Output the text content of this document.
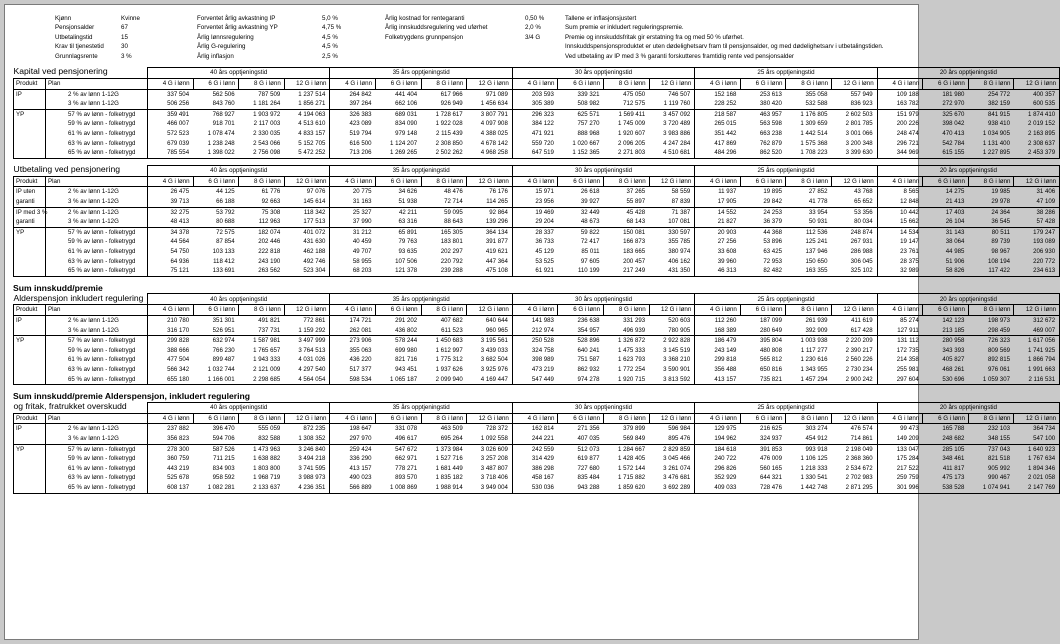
Kjønn	Kvinne
Pensjonsalder	67
Utbetalingstid	15
Krav til tjenestetid	30
Grunnlagsrente	3 %
Forventet årlig avkastning IP	5,0 %
Forventet årlig avkastning YP	4,75 %
Årlig lønnsregulering	4,5 %
Årlig G-regulering	4,5 %
Årlig inflasjon	2,5 %
Årlig kostnad for rentegaranti	0,50 %
Årlig innskuddsregulering ved uførhet	2,0 %
Folketrygdens grunnpensjon	3/4 G
Tallene er inflasjonsjustert
Sum premie er inkludert reguleringspremie.
Premie og innskuddsfritak gir erstatning fra og med 50 % uførhet.
Innskuddspensjonsproduktet er uten dødelighetsarv fram til pensjonsalder, og med dødelighetsarv i utbetalingstiden.
Ved utbetaling av IP med 3 % garanti forskutteres framtidig rente ved pensjonsalder
Kapital ved pensjonering		40 års opptjeningstid				35 års opptjeningstid				30 års opptjeningstid				25 års opptjeningstid				20 års opptjeningstid			
Produkt	Plan	4 G i lønn	6 G i lønn	8 G i lønn	12 G i lønn	4 G i lønn	6 G i lønn	8 G i lønn	12 G i lønn	4 G i lønn	6 G i lønn	8 G i lønn	12 G i lønn	4 G i lønn	6 G i lønn	8 G i lønn	12 G i lønn	4 G i lønn	6 G i lønn	8 G i lønn	12 G i lønn
IP	2 % av lønn 1-12G	337 504	562 506	787 509	1 237 514	264 842	441 404	617 966	971 089	203 593	339 321	475 050	746 507	152 168	253 613	355 058	557 949	109 188	181 980	254 772	400 357
	3 % av lønn 1-12G	506 256	843 760	1 181 264	1 856 271	397 264	662 106	926 949	1 456 634	305 389	508 982	712 575	1 119 760	228 252	380 420	532 588	836 923	163 782	272 970	382 159	600 535
YP	57 % av lønn - folketrygd	359 491	768 927	1 903 972	4 194 063	326 383	689 031	1 728 617	3 807 791	296 323	625 571	1 569 411	3 457 092	218 587	463 957	1 176 805	2 602 503	151 979	325 670	841 915	1 874 410
	59 % av lønn - folketrygd	466 007	918 701	2 117 003	4 513 610	423 089	834 090	1 922 028	4 097 908	384 122	757 270	1 745 009	3 720 489	265 015	563 598	1 309 659	2 801 785	200 226	398 042	938 410	2 019 152
	61 % av lønn - folketrygd	572 523	1 078 474	2 330 035	4 833 157	519 794	979 148	2 115 439	4 388 025	471 921	888 968	1 920 607	3 983 886	351 442	663 238	1 442 514	3 001 066	248 474	470 413	1 034 905	2 163 895
	63 % av lønn - folketrygd	679 039	1 238 248	2 543 066	5 152 705	616 500	1 124 207	2 308 850	4 678 142	559 720	1 020 667	2 096 205	4 247 284	417 869	762 879	1 575 368	3 200 348	296 721	542 784	1 131 400	2 308 637
	65 % av lønn - folketrygd	785 554	1 398 022	2 756 098	5 472 252	713 206	1 269 265	2 502 262	4 968 258	647 519	1 152 365	2 271 803	4 510 681	484 296	862 520	1 708 223	3 399 630	344 969	615 155	1 227 895	2 453 379
Utbetaling ved pensjonering		40 års opptjeningstid				35 års opptjeningstid				30 års opptjeningstid				25 års opptjeningstid				20 års opptjeningstid			
Produkt	Plan	4 G i lønn	6 G i lønn	8 G i lønn	12 G i lønn	4 G i lønn	6 G i lønn	8 G i lønn	12 G i lønn	4 G i lønn	6 G i lønn	8 G i lønn	12 G i lønn	4 G i lønn	6 G i lønn	8 G i lønn	12 G i lønn	4 G i lønn	6 G i lønn	8 G i lønn	12 G i lønn
IP uten	2 % av lønn 1-12G	26 475	44 125	61 776	97 076	20 775	34 626	48 476	76 176	15 971	26 618	37 265	58 559	11 937	19 895	27 852	43 768	8 565	14 275	19 985	31 406
garanti	3 % av lønn 1-12G	39 713	66 188	92 663	145 614	31 163	51 938	72 714	114 265	23 956	39 927	55 897	87 839	17 905	29 842	41 778	65 652	12 848	21 413	29 978	47 109
IP med 3 %	2 % av lønn 1-12G	32 275	53 792	75 308	118 342	25 327	42 211	59 095	92 864	19 469	32 449	45 428	71 387	14 552	24 253	33 954	53 356	10 442	17 403	24 364	38 286
garanti	3 % av lønn 1-12G	48 413	80 688	112 963	177 513	37 990	63 316	88 643	139 296	29 204	48 673	68 143	107 081	21 827	36 379	50 931	80 034	15 662	26 104	36 545	57 428
YP	57 % av lønn - folketrygd	34 378	72 575	182 074	401 072	31 212	65 891	165 305	364 134	28 337	59 822	150 081	330 597	20 903	44 368	112 536	248 874	14 534	31 143	80 511	179 247
	59 % av lønn - folketrygd	44 564	87 854	202 446	431 630	40 459	79 763	183 801	391 877	36 733	72 417	166 873	355 785	27 256	53 896	125 241	267 931	19 147	38 064	89 739	193 089
	61 % av lønn - folketrygd	54 750	103 133	222 818	462 188	49 707	93 635	202 297	419 621	45 129	85 011	183 665	380 974	33 608	63 425	137 946	286 988	23 761	44 985	98 967	206 930
	63 % av lønn - folketrygd	64 936	118 412	243 190	492 746	58 955	107 506	220 792	447 364	53 525	97 605	200 457	406 162	39 960	72 953	150 650	306 045	28 375	51 906	108 194	220 772
	65 % av lønn - folketrygd	75 121	133 691	263 562	523 304	68 203	121 378	239 288	475 108	61 921	110 199	217 249	431 350	46 313	82 482	163 355	325 102	32 989	58 826	117 422	234 613
Sum innskudd/premie
Alderspensjon inkludert regulering		40 års opptjeningstid				35 års opptjeningstid				30 års opptjeningstid				25 års opptjeningstid				20 års opptjeningstid			
Produkt	Plan	4 G i lønn	6 G i lønn	8 G i lønn	12 G i lønn	4 G i lønn	6 G i lønn	8 G i lønn	12 G i lønn	4 G i lønn	6 G i lønn	8 G i lønn	12 G i lønn	4 G i lønn	6 G i lønn	8 G i lønn	12 G i lønn	4 G i lønn	6 G i lønn	8 G i lønn	12 G i lønn
IP	2 % av lønn 1-12G	210 780	351 301	491 821	772 861	174 721	291 202	407 682	640 644	141 983	236 638	331 293	520 603	112 260	187 099	261 939	411 619	85 274	142 123	198 973	312 672
	3 % av lønn 1-12G	316 170	526 951	737 731	1 159 292	262 081	436 802	611 523	960 965	212 974	354 957	496 939	780 905	168 389	280 649	392 909	617 428	127 911	213 185	298 459	469 007
YP	57 % av lønn - folketrygd	299 828	632 974	1 587 981	3 497 999	273 906	578 244	1 450 683	3 195 561	250 528	528 896	1 326 872	2 922 828	186 479	395 804	1 003 938	2 220 209	131 112	280 958	726 323	1 617 056
	59 % av lønn - folketrygd	388 666	766 230	1 765 657	3 764 513	355 063	699 980	1 612 997	3 439 033	324 758	640 241	1 475 333	3 145 519	243 149	480 808	1 117 277	2 390 217	172 735	343 393	809 569	1 741 925
	61 % av lønn - folketrygd	477 504	899 487	1 943 333	4 031 026	436 220	821 716	1 775 312	3 682 504	398 989	751 587	1 623 793	3 368 210	299 818	565 812	1 230 616	2 560 226	214 358	405 827	892 815	1 866 794
	63 % av lønn - folketrygd	566 342	1 032 744	2 121 009	4 297 540	517 377	943 451	1 937 626	3 925 976	473 219	862 932	1 772 254	3 590 901	356 488	650 816	1 343 955	2 730 234	255 981	468 261	976 061	1 991 663
	65 % av lønn - folketrygd	655 180	1 166 001	2 298 685	4 564 054	598 534	1 065 187	2 099 940	4 169 447	547 449	974 278	1 920 715	3 813 592	413 157	735 821	1 457 294	2 900 242	297 604	530 696	1 059 307	2 116 531
Sum innskudd/premie Alderspensjon, inkludert regulering
og fritak, fratrukket overskudd		40 års opptjeningstid				35 års opptjeningstid				30 års opptjeningstid				25 års opptjeningstid				20 års opptjeningstid			
Produkt	Plan	4 G i lønn	6 G i lønn	8 G i lønn	12 G i lønn	4 G i lønn	6 G i lønn	8 G i lønn	12 G i lønn	4 G i lønn	6 G i lønn	8 G i lønn	12 G i lønn	4 G i lønn	6 G i lønn	8 G i lønn	12 G i lønn	4 G i lønn	6 G i lønn	8 G i lønn	12 G i lønn
IP	2 % av lønn 1-12G	237 882	396 470	555 059	872 235	198 647	331 078	463 509	728 372	162 814	271 356	379 899	596 984	129 975	216 625	303 274	476 574	99 473	165 788	232 103	364 734
	3 % av lønn 1-12G	356 823	594 706	832 588	1 308 352	297 970	496 617	695 264	1 092 558	244 221	407 035	569 849	895 476	194 962	324 937	454 912	714 861	149 209	248 682	348 155	547 100
YP	57 % av lønn - folketrygd	278 300	587 526	1 473 963	3 246 840	259 424	547 672	1 373 984	3 026 609	242 559	512 073	1 284 667	2 829 859	184 618	391 853	993 918	2 198 049	133 047	285 105	737 043	1 640 923
	59 % av lønn - folketrygd	360 759	711 215	1 638 882	3 494 218	336 290	662 971	1 527 716	3 257 208	314 429	619 877	1 428 405	3 045 466	240 722	476 009	1 106 125	2 368 360	175 284	348 461	821 518	1 767 634
	61 % av lønn - folketrygd	443 219	834 903	1 803 800	3 741 595	413 157	778 271	1 681 449	3 487 807	386 298	727 680	1 572 144	3 261 074	296 826	560 165	1 218 333	2 534 672	217 522	411 817	905 992	1 894 346
	63 % av lønn - folketrygd	525 678	958 592	1 968 719	3 988 973	490 023	893 570	1 835 182	3 718 406	458 167	835 484	1 715 882	3 476 681	352 929	644 321	1 330 541	2 702 983	259 759	475 173	990 467	2 021 058
	65 % av lønn - folketrygd	608 137	1 082 281	2 133 637	4 236 351	566 889	1 008 869	1 988 914	3 949 004	530 036	943 288	1 859 620	3 692 289	409 033	728 476	1 442 748	2 871 295	301 996	538 528	1 074 941	2 147 769
